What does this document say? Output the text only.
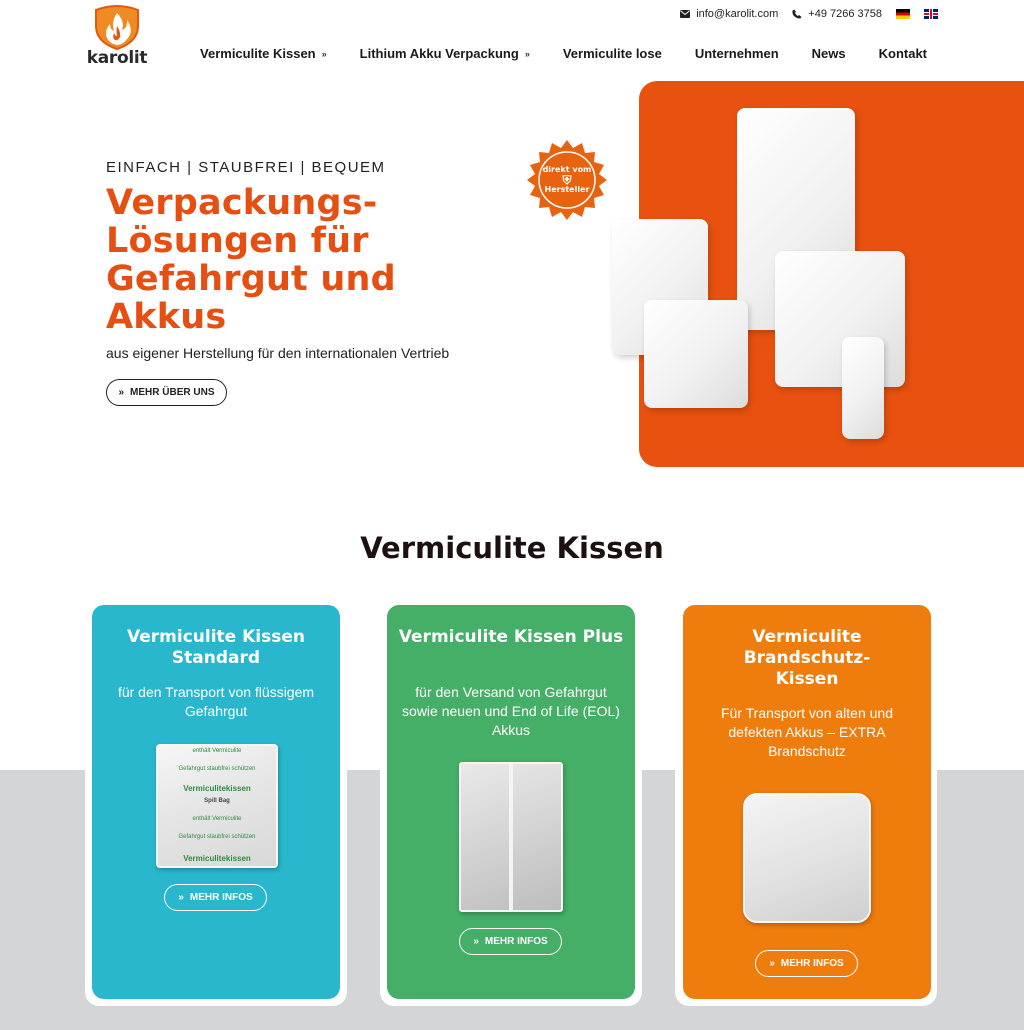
karolit
info@karolit.com	+49 7266 3758
Vermiculite Kissen »	Lithium Akku Verpackung »	Vermiculite lose	Unternehmen	News	Kontakt
EINFACH | STAUBFREI | BEQUEM
Verpackungs-Lösungen für Gefahrgut und Akkus
aus eigener Herstellung für den internationalen Vertrieb
» MEHR ÜBER UNS
direkt vom
⛨
Hersteller
Vermiculite Kissen
Vermiculite Kissen Standard
für den Transport von flüssigem Gefahrgut
enthält Vermiculite
Gefahrgut staubfrei schützen
Vermiculitekissen
Spill Bag
enthält Vermiculite
Gefahrgut staubfrei schützen
Vermiculitekissen
» MEHR INFOS
Vermiculite Kissen Plus
für den Versand von Gefahrgut sowie neuen und End of Life (EOL) Akkus
» MEHR INFOS
Vermiculite Brandschutz-Kissen
Für Transport von alten und defekten Akkus – EXTRA Brandschutz
» MEHR INFOS
